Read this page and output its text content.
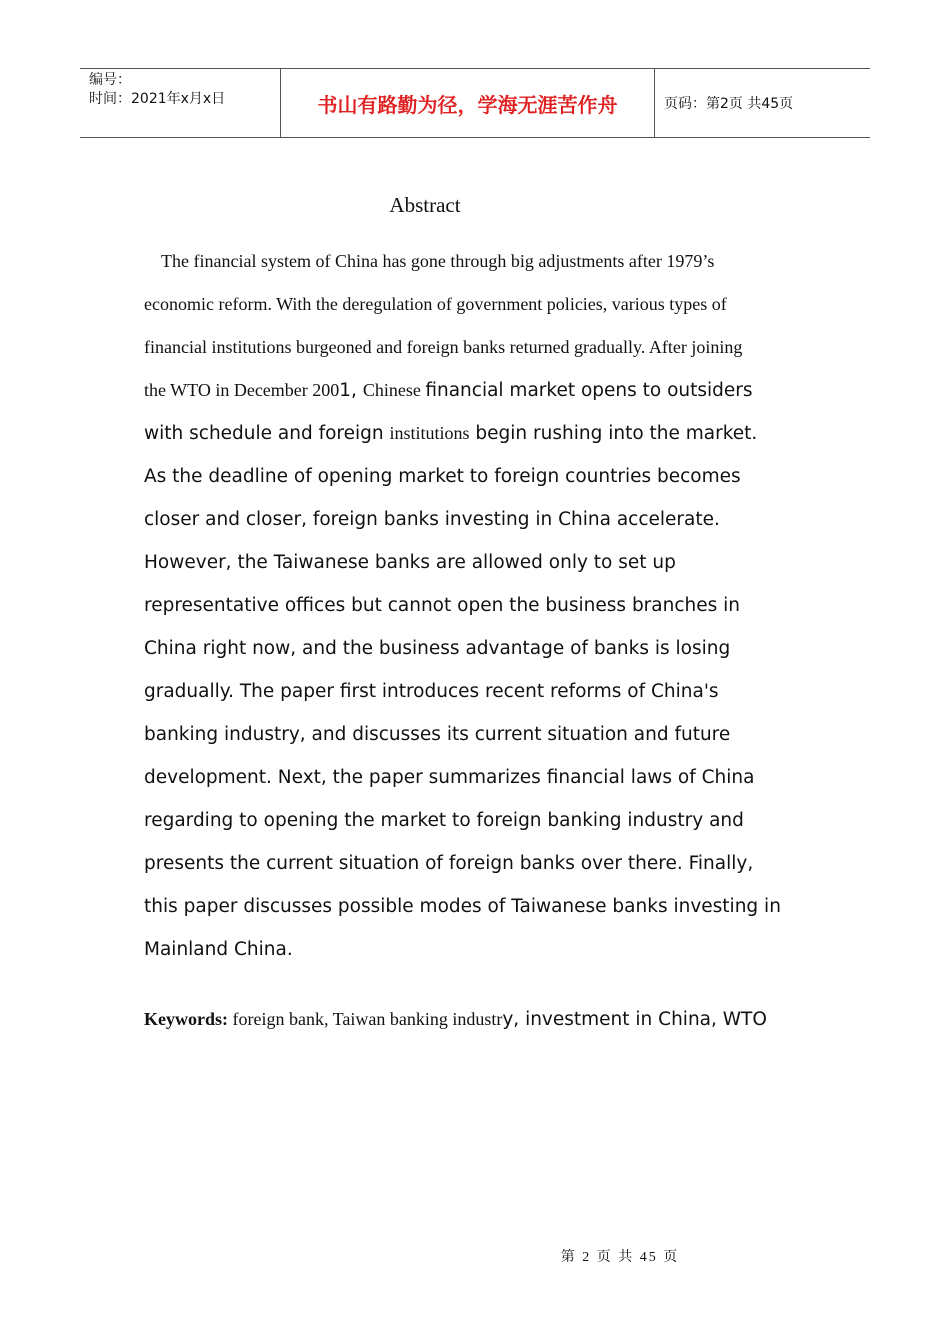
编号：
时间：2021年x月x日	书山有路勤为径，学海无涯苦作舟	页码：第2页 共45页
Abstract
The financial system of China has gone through big adjustments after 1979’s
economic reform. With the deregulation of government policies, various types of
financial institutions burgeoned and foreign banks returned gradually. After joining
the WTO in December 2001, Chinese financial market opens to outsiders
with schedule and foreign institutions begin rushing into the market.
As the deadline of opening market to foreign countries becomes
closer and closer, foreign banks investing in China accelerate.
However, the Taiwanese banks are allowed only to set up
representative offices but cannot open the business branches in
China right now, and the business advantage of banks is losing
gradually. The paper first introduces recent reforms of China's
banking industry, and discusses its current situation and future
development. Next, the paper summarizes financial laws of China
regarding to opening the market to foreign banking industry and
presents the current situation of foreign banks over there. Finally,
this paper discusses possible modes of Taiwanese banks investing in
Mainland China.
Keywords: foreign bank, Taiwan banking industry, investment in China, WTO
第 2 页 共 45 页
